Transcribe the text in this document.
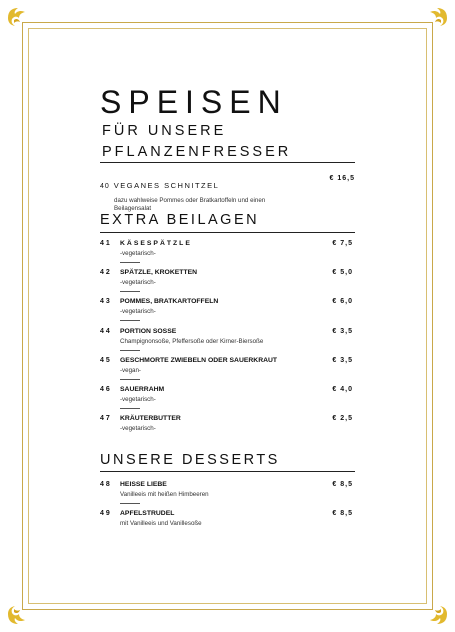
SPEISEN
FÜR UNSERE
PFLANZENFRESSER
40 VEGANES SCHNITZEL
dazu wahlweise Pommes oder Bratkartoffeln und einen Beilagensalat
€ 16,5
EXTRA BEILAGEN
41 KÄSESPÄTZLE
-vegetarisch-
€ 7,5
42 SPÄTZLE, KROKETTEN
-vegetarisch-
€ 5,0
43 POMMES, BRATKARTOFFELN
-vegetarisch-
€ 6,0
44 PORTION SOSSE
Champignonsoße, Pfeffersoße oder Kirner-Biersoße
€ 3,5
45 GESCHMORTE ZWIEBELN ODER SAUERKRAUT
-vegan-
€ 3,5
46 SAUERRAHM
-vegetarisch-
€ 4,0
47 KRÄUTERBUTTER
-vegetarisch-
€ 2,5
UNSERE DESSERTS
48 HEISSE LIEBE
Vanilleeis mit heißen Himbeeren
€ 8,5
49 APFELSTRUDEL
mit Vanilleeis und Vanillesoße
€ 8,5
